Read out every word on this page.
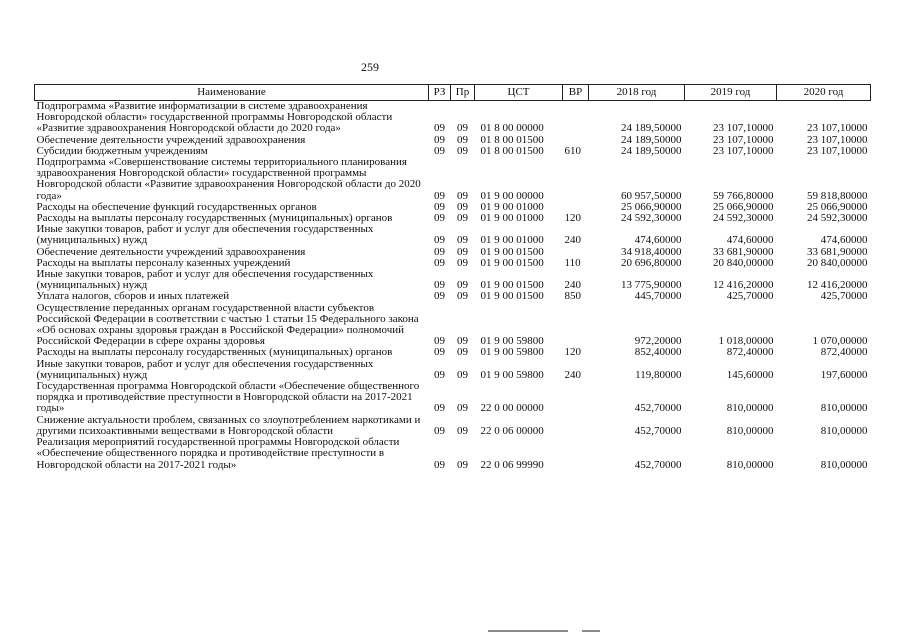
259
Наименование	РЗ	Пр	ЦСТ	ВР	2018 год	2019 год	2020 год
Подпрограмма «Развитие информатизации в системе здравоохранения Новгородской области» государственной программы Новгородской области «Развитие здравоохранения Новгородской области до 2020 года»	09	09	01 8 00 00000		24 189,50000	23 107,10000	23 107,10000
Обеспечение деятельности учреждений здравоохранения	09	09	01 8 00 01500		24 189,50000	23 107,10000	23 107,10000
Субсидии бюджетным учреждениям	09	09	01 8 00 01500	610	24 189,50000	23 107,10000	23 107,10000
Подпрограмма «Совершенствование системы территориального планирования здравоохранения Новгородской области» государственной программы Новгородской области «Развитие здравоохранения Новгородской области до 2020 года»	09	09	01 9 00 00000		60 957,50000	59 766,80000	59 818,80000
Расходы на обеспечение функций государственных органов	09	09	01 9 00 01000		25 066,90000	25 066,90000	25 066,90000
Расходы на выплаты персоналу государственных (муниципальных) органов	09	09	01 9 00 01000	120	24 592,30000	24 592,30000	24 592,30000
Иные закупки товаров, работ и услуг для обеспечения государственных (муниципальных) нужд	09	09	01 9 00 01000	240	474,60000	474,60000	474,60000
Обеспечение деятельности учреждений здравоохранения	09	09	01 9 00 01500		34 918,40000	33 681,90000	33 681,90000
Расходы на выплаты персоналу казенных учреждений	09	09	01 9 00 01500	110	20 696,80000	20 840,00000	20 840,00000
Иные закупки товаров, работ и услуг для обеспечения государственных (муниципальных) нужд	09	09	01 9 00 01500	240	13 775,90000	12 416,20000	12 416,20000
Уплата налогов, сборов и иных платежей	09	09	01 9 00 01500	850	445,70000	425,70000	425,70000
Осуществление переданных органам государственной власти субъектов Российской Федерации в соответствии с частью 1 статьи 15 Федерального закона «Об основах охраны здоровья граждан в Российской Федерации» полномочий Российской Федерации в сфере охраны здоровья	09	09	01 9 00 59800		972,20000	1 018,00000	1 070,00000
Расходы на выплаты персоналу государственных (муниципальных) органов	09	09	01 9 00 59800	120	852,40000	872,40000	872,40000
Иные закупки товаров, работ и услуг для обеспечения государственных (муниципальных) нужд	09	09	01 9 00 59800	240	119,80000	145,60000	197,60000
Государственная программа Новгородской области «Обеспечение общественного порядка и противодействие преступности в Новгородской области на 2017-2021 годы»	09	09	22 0 00 00000		452,70000	810,00000	810,00000
Снижение актуальности проблем, связанных со злоупотреблением наркотиками и другими психоактивными веществами в Новгородской области	09	09	22 0 06 00000		452,70000	810,00000	810,00000
Реализация мероприятий государственной программы Новгородской области «Обеспечение общественного порядка и противодействие преступности в Новгородской области на 2017-2021 годы»	09	09	22 0 06 99990		452,70000	810,00000	810,00000
